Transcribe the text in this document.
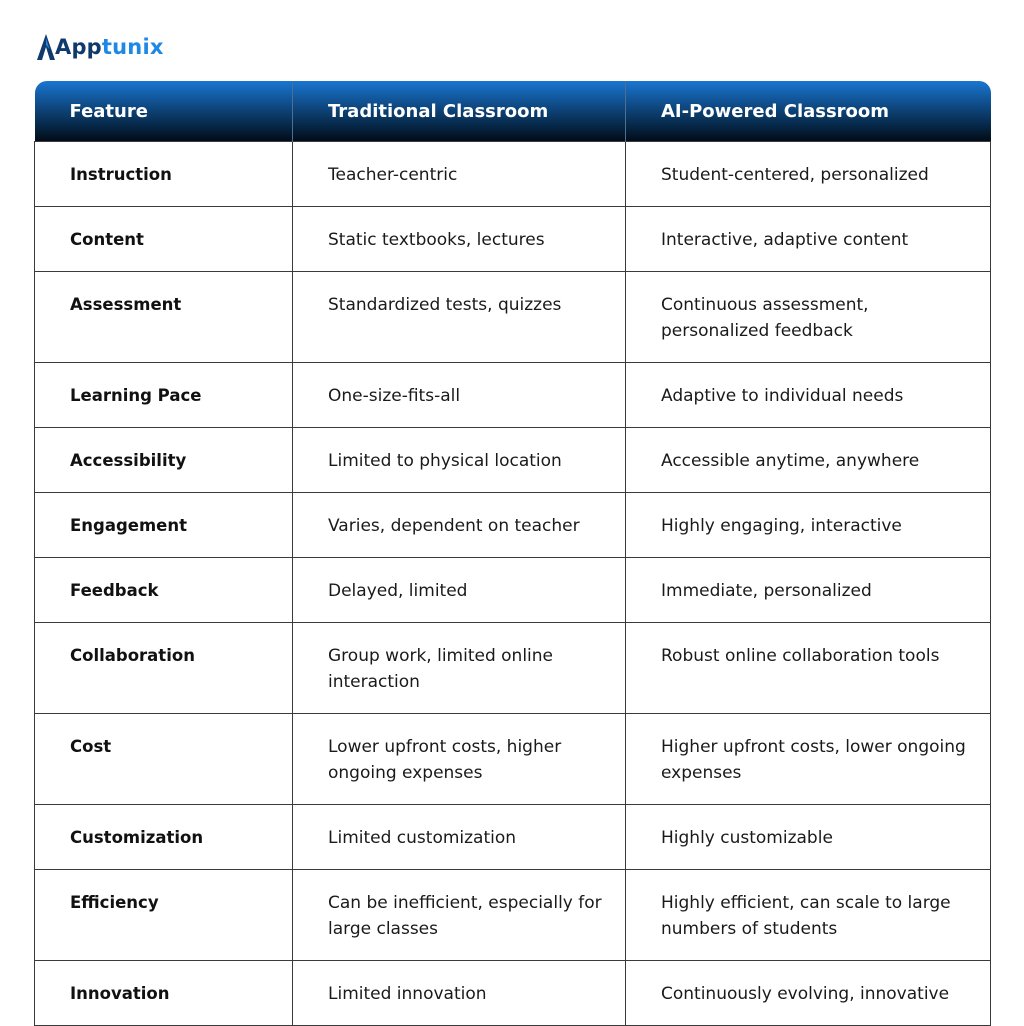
Apptunix
Feature	Traditional Classroom	AI-Powered Classroom
Instruction	Teacher-centric	Student-centered, personalized
Content	Static textbooks, lectures	Interactive, adaptive content
Assessment	Standardized tests, quizzes	Continuous assessment, personalized feedback
Learning Pace	One-size-fits-all	Adaptive to individual needs
Accessibility	Limited to physical location	Accessible anytime, anywhere
Engagement	Varies, dependent on teacher	Highly engaging, interactive
Feedback	Delayed, limited	Immediate, personalized
Collaboration	Group work, limited online interaction	Robust online collaboration tools
Cost	Lower upfront costs, higher ongoing expenses	Higher upfront costs, lower ongoing expenses
Customization	Limited customization	Highly customizable
Efficiency	Can be inefficient, especially for large classes	Highly efficient, can scale to large numbers of students
Innovation	Limited innovation	Continuously evolving, innovative
